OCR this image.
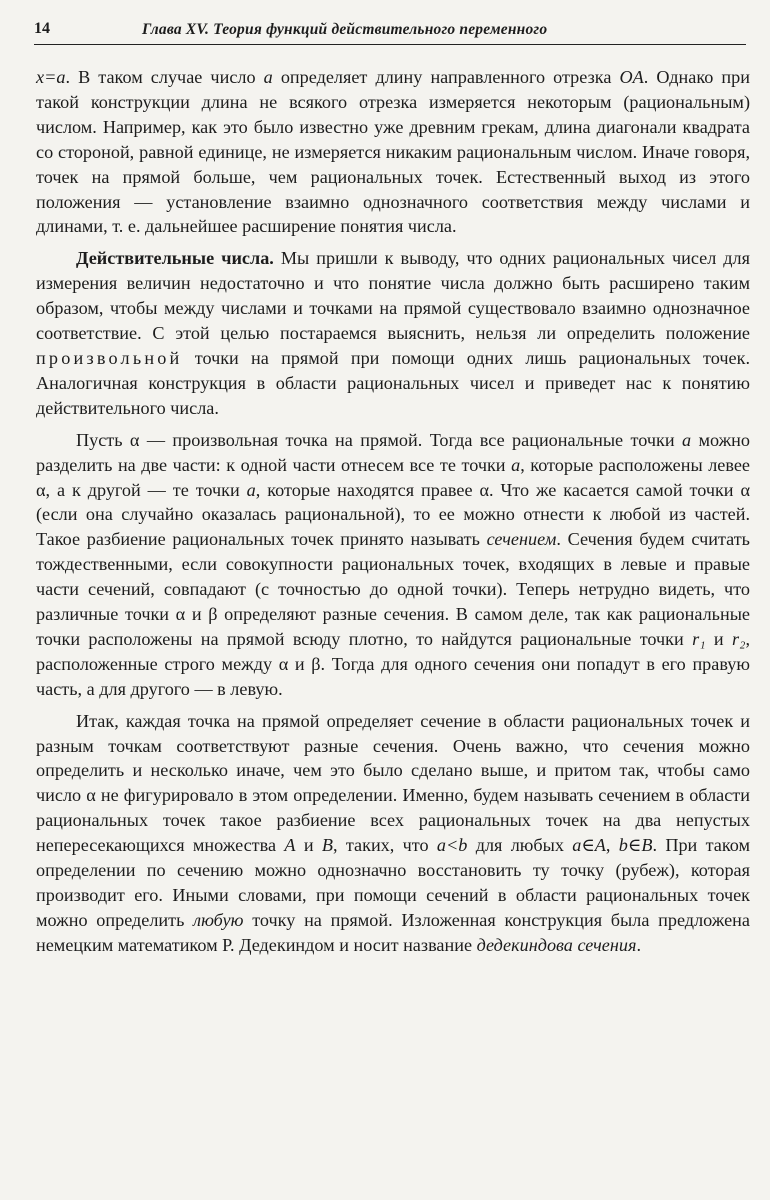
14	Глава XV. Теория функций действительного переменного

x=a. В таком случае число a определяет длину направленного отрезка OA. Однако при такой конструкции длина не всякого отрезка измеряется некоторым (рациональным) числом. Например, как это было известно уже древним грекам, длина диагонали квадрата со стороной, равной единице, не измеряется никаким рациональным числом. Иначе говоря, точек на прямой больше, чем рациональных точек. Естественный выход из этого положения — установление взаимно однозначного соответствия между числами и длинами, т. е. дальнейшее расширение понятия числа.

Действительные числа. Мы пришли к выводу, что одних рациональных чисел для измерения величин недостаточно и что понятие числа должно быть расширено таким образом, чтобы между числами и точками на прямой существовало взаимно однозначное соответствие. С этой целью постараемся выяснить, нельзя ли определить положение произвольной точки на прямой при помощи одних лишь рациональных точек. Аналогичная конструкция в области рациональных чисел и приведет нас к понятию действительного числа.

Пусть α — произвольная точка на прямой. Тогда все рациональные точки a можно разделить на две части: к одной части отнесем все те точки a, которые расположены левее α, а к другой — те точки a, которые находятся правее α. Что же касается самой точки α (если она случайно оказалась рациональной), то ее можно отнести к любой из частей. Такое разбиение рациональных точек принято называть сечением. Сечения будем считать тождественными, если совокупности рациональных точек, входящих в левые и правые части сечений, совпадают (с точностью до одной точки). Теперь нетрудно видеть, что различные точки α и β определяют разные сечения. В самом деле, так как рациональные точки расположены на прямой всюду плотно, то найдутся рациональные точки r₁ и r₂, расположенные строго между α и β. Тогда для одного сечения они попадут в его правую часть, а для другого — в левую.

Итак, каждая точка на прямой определяет сечение в области рациональных точек и разным точкам соответствуют разные сечения. Очень важно, что сечения можно определить и несколько иначе, чем это было сделано выше, и притом так, чтобы само число α не фигурировало в этом определении. Именно, будем называть сечением в области рациональных точек такое разбиение всех рациональных точек на два непустых непересекающихся множества A и B, таких, что a<b для любых a∈A, b∈B. При таком определении по сечению можно однозначно восстановить ту точку (рубеж), которая производит его. Иными словами, при помощи сечений в области рациональных точек можно определить любую точку на прямой. Изложенная конструкция была предложена немецким математиком Р. Дедекиндом и носит название дедекиндова сечения.
